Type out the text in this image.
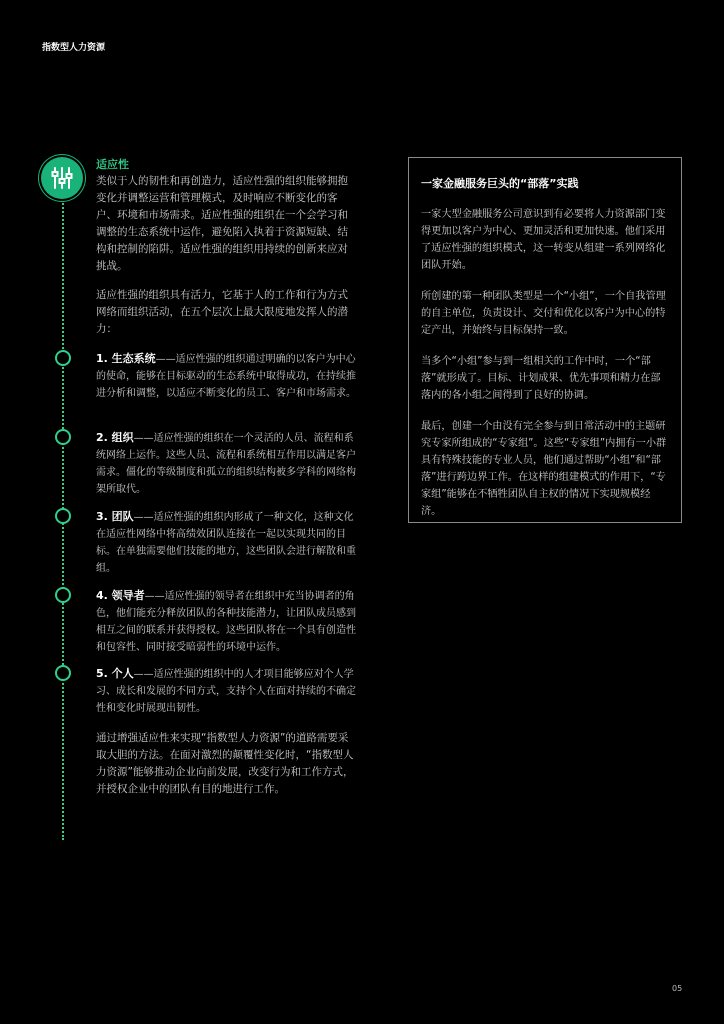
指数型人力资源
适应性
类似于人的韧性和再创造力，适应性强的组织能够拥抱变化并调整运营和管理模式，及时响应不断变化的客户、环境和市场需求。适应性强的组织在一个会学习和调整的生态系统中运作，避免陷入执着于资源短缺、结构和控制的陷阱。适应性强的组织用持续的创新来应对挑战。
适应性强的组织具有活力，它基于人的工作和行为方式网络而组织活动，在五个层次上最大限度地发挥人的潜力：
1. 生态系统——适应性强的组织通过明确的以客户为中心的使命，能够在目标驱动的生态系统中取得成功，在持续推进分析和调整，以适应不断变化的员工、客户和市场需求。
2. 组织——适应性强的组织在一个灵活的人员、流程和系统网络上运作。这些人员、流程和系统相互作用以满足客户需求。僵化的等级制度和孤立的组织结构被多学科的网络构架所取代。
3. 团队——适应性强的组织内形成了一种文化，这种文化在适应性网络中将高绩效团队连接在一起以实现共同的目标。在单独需要他们技能的地方，这些团队会进行解散和重组。
4. 领导者——适应性强的领导者在组织中充当协调者的角色，他们能充分释放团队的各种技能潜力，让团队成员感到相互之间的联系并获得授权。这些团队将在一个具有创造性和包容性、同时接受暗弱性的环境中运作。
5. 个人——适应性强的组织中的人才项目能够应对个人学习、成长和发展的不同方式，支持个人在面对持续的不确定性和变化时展现出韧性。
通过增强适应性来实现“指数型人力资源”的道路需要采取大胆的方法。在面对激烈的颠覆性变化时，“指数型人力资源”能够推动企业向前发展，改变行为和工作方式，并授权企业中的团队有目的地进行工作。
一家金融服务巨头的“部落”实践

一家大型金融服务公司意识到有必要将人力资源部门变得更加以客户为中心、更加灵活和更加快速。他们采用了适应性强的组织模式，这一转变从组建一系列网络化团队开始。

所创建的第一种团队类型是一个“小组”，一个自我管理的自主单位，负责设计、交付和优化以客户为中心的特定产出，并始终与目标保持一致。

当多个“小组”参与到一组相关的工作中时，一个“部落”就形成了。目标、计划成果、优先事项和精力在部落内的各小组之间得到了良好的协调。

最后，创建一个由没有完全参与到日常活动中的主题研究专家所组成的“专家组”。这些“专家组”内拥有一小群具有特殊技能的专业人员，他们通过帮助“小组”和“部落”进行跨边界工作。在这样的组建模式的作用下，“专家组”能够在不牺牲团队自主权的情况下实现规模经济。

05
